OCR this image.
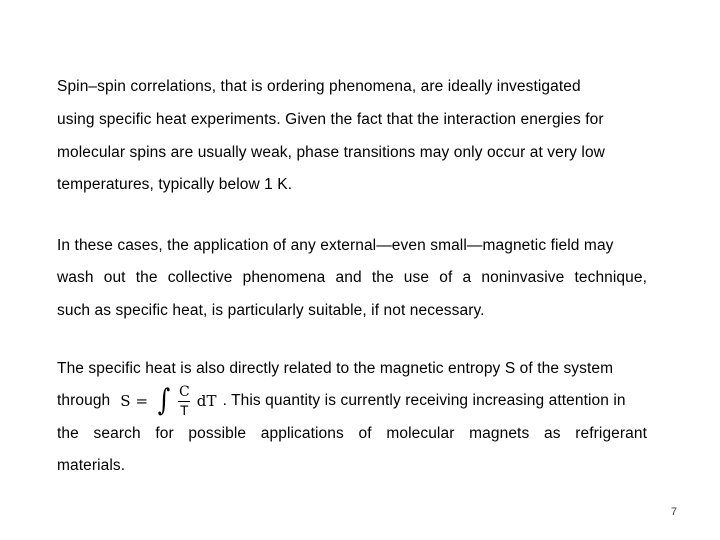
Spin–spin correlations, that is ordering phenomena, are ideally investigated
using specific heat experiments. Given the fact that the interaction energies for
molecular spins are usually weak, phase transitions may only occur at very low
temperatures, typically below 1 K.
In these cases, the application of any external—even small—magnetic field may
wash out the collective phenomena and the use of a noninvasive technique,
such as specific heat, is particularly suitable, if not necessary.
The specific heat is also directly related to the magnetic entropy S of the system
through S = ∫ $\frac{C}{T}$ dT . This quantity is currently receiving increasing attention in
the search for possible applications of molecular magnets as refrigerant
materials.
7
